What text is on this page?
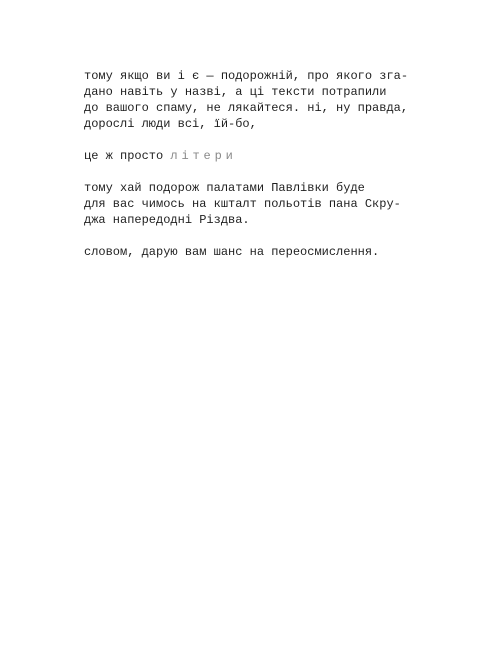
тому якщо ви і є — подорожній, про якого зга-
дано навіть у назві, а ці тексти потрапили
до вашого спаму, не лякайтеся. ні, ну правда,
дорослі люди всі, їй-бо,

це ж просто літери

тому хай подорож палатами Павлівки буде
для вас чимось на кштaлт польотів пана Скру-
джа напередодні Різдва.

словом, дарую вам шанс на переосмислення.
